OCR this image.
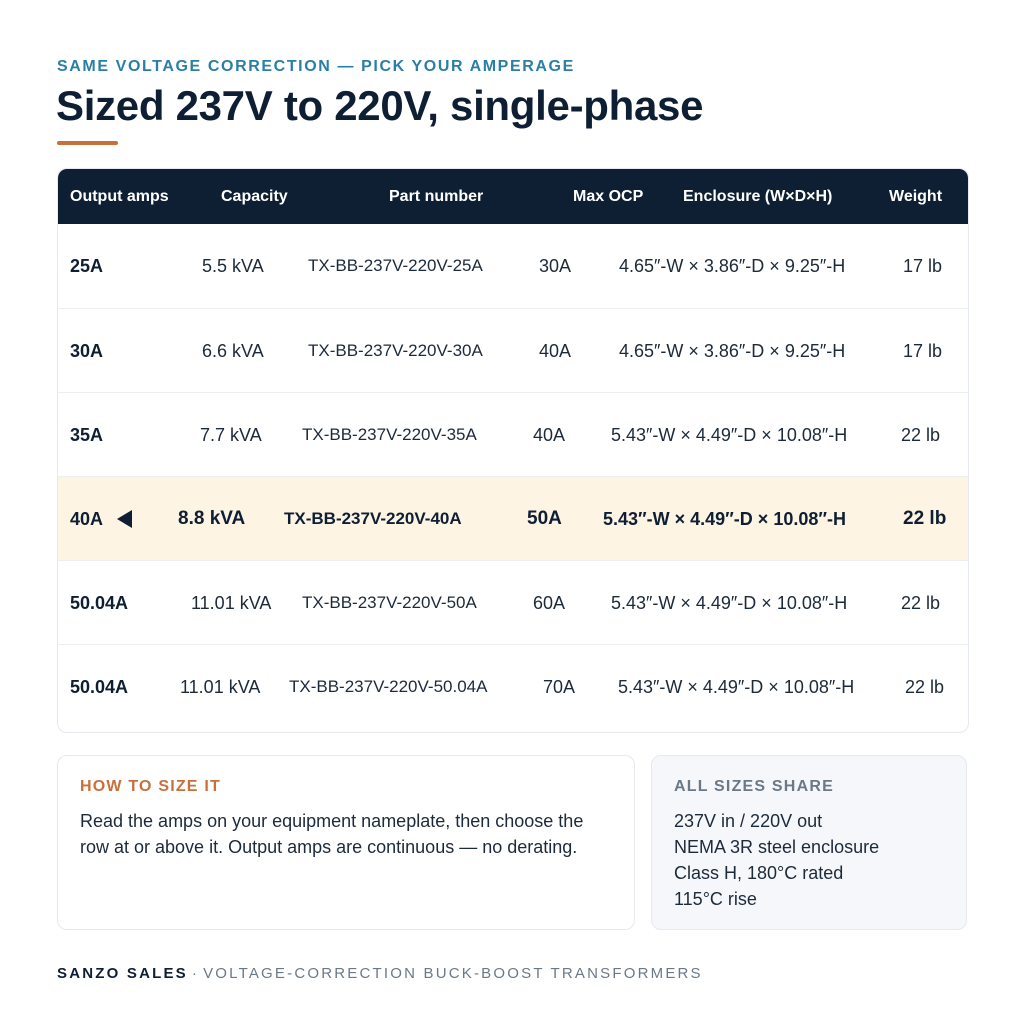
SAME VOLTAGE CORRECTION — PICK YOUR AMPERAGE
Sized 237V to 220V, single-phase
Output amps	Capacity	Part number	Max OCP Enclosure (W×D×H)	Weight
25A	5.5 kVA	TX-BB-237V-220V-25A	30A	4.65″-W × 3.86″-D × 9.25″-H	17 lb
30A	6.6 kVA	TX-BB-237V-220V-30A	40A	4.65″-W × 3.86″-D × 9.25″-H	17 lb
35A	7.7 kVA TX-BB-237V-220V-35A	40A	5.43″-W × 4.49″-D × 10.08″-H	22 lb
40A	8.8 kVA TX-BB-237V-220V-40A	50A 5.43″-W × 4.49″-D × 10.08″-H	22 lb
50.04A	11.01 kVA TX-BB-237V-220V-50A	60A	5.43″-W × 4.49″-D × 10.08″-H	22 lb
50.04A	11.01 kVA TX-BB-237V-220V-50.04A	70A 5.43″-W × 4.49″-D × 10.08″-H	22 lb
HOW TO SIZE IT
Read the amps on your equipment nameplate, then choose the row at or above it. Output amps are continuous — no derating.
ALL SIZES SHARE
237V in / 220V out
NEMA 3R steel enclosure
Class H, 180°C rated
115°C rise
SANZO SALES · VOLTAGE-CORRECTION BUCK-BOOST TRANSFORMERS
